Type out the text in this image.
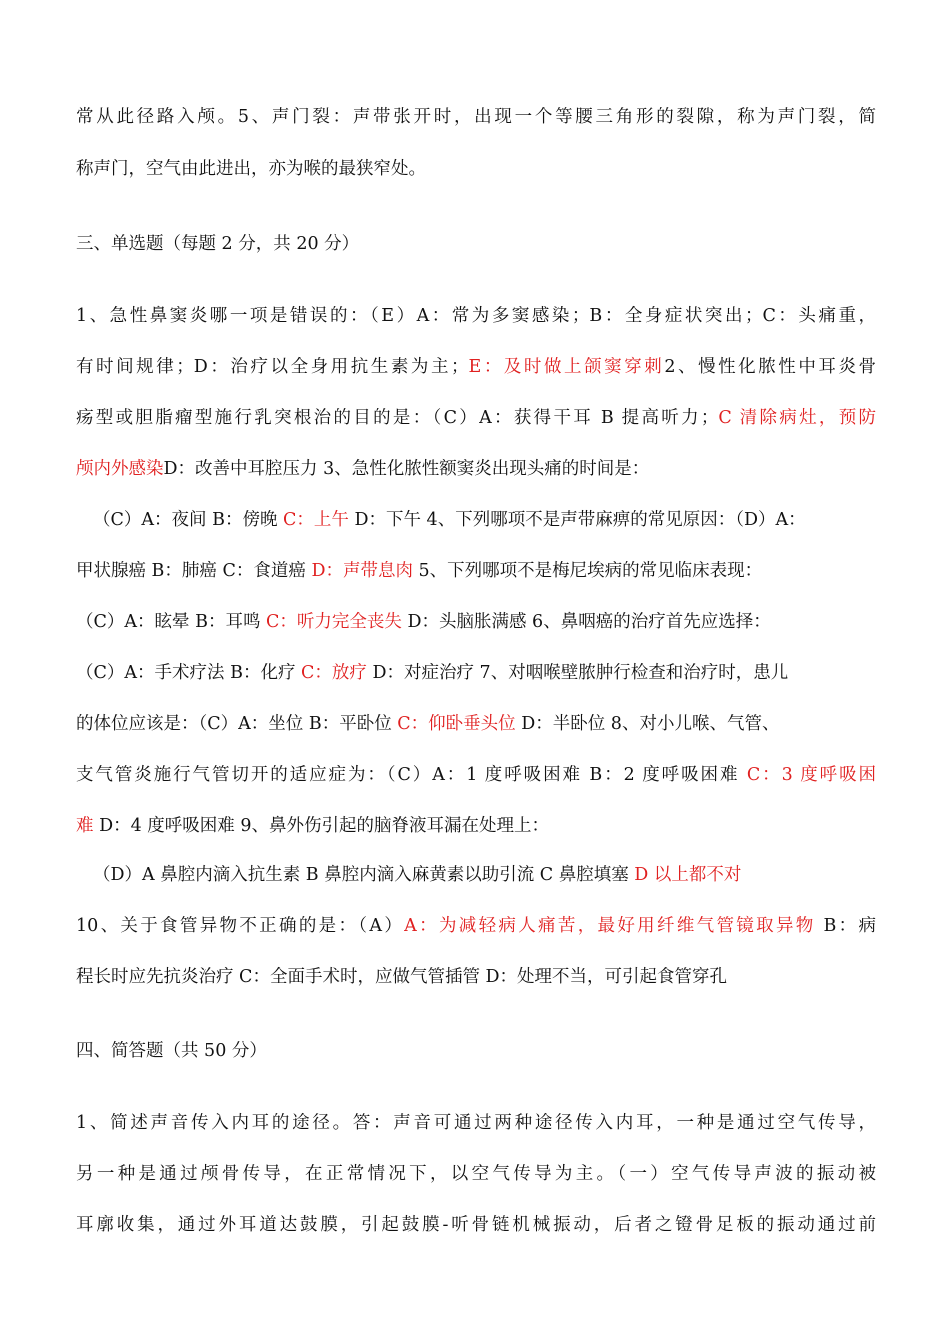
常从此径路入颅。5、声门裂：声带张开时，出现一个等腰三角形的裂隙，称为声门裂，简
称声门，空气由此进出，亦为喉的最狭窄处。
三、单选题（每题 2 分，共 20 分）
1、急性鼻窦炎哪一项是错误的：（E）A：常为多窦感染；B：全身症状突出；C：头痛重，
有时间规律；D：治疗以全身用抗生素为主；E：及时做上颌窦穿刺2、慢性化脓性中耳炎骨
疡型或胆脂瘤型施行乳突根治的目的是：（C）A：获得干耳 B 提高听力；C 清除病灶，预防
颅内外感染D：改善中耳腔压力 3、急性化脓性额窦炎出现头痛的时间是：
（C）A：夜间 B：傍晚 C：上午 D：下午 4、下列哪项不是声带麻痹的常见原因：（D）A：
甲状腺癌 B：肺癌 C：食道癌 D：声带息肉 5、下列哪项不是梅尼埃病的常见临床表现：
（C）A：眩晕 B：耳鸣 C：听力完全丧失 D：头脑胀满感 6、鼻咽癌的治疗首先应选择：
（C）A：手术疗法 B：化疗 C：放疗 D：对症治疗 7、对咽喉壁脓肿行检查和治疗时，患儿
的体位应该是：（C）A：坐位 B：平卧位 C：仰卧垂头位 D：半卧位 8、对小儿喉、气管、
支气管炎施行气管切开的适应症为：（C）A：1 度呼吸困难 B：2 度呼吸困难 C：3 度呼吸困
难 D：4 度呼吸困难 9、鼻外伤引起的脑脊液耳漏在处理上：
（D）A 鼻腔内滴入抗生素 B 鼻腔内滴入麻黄素以助引流 C 鼻腔填塞 D 以上都不对
10、关于食管异物不正确的是：（A）A：为减轻病人痛苦，最好用纤维气管镜取异物 B：病
程长时应先抗炎治疗 C：全面手术时，应做气管插管 D：处理不当，可引起食管穿孔
四、简答题（共 50 分）
1、简述声音传入内耳的途径。答：声音可通过两种途径传入内耳，一种是通过空气传导，
另一种是通过颅骨传导，在正常情况下，以空气传导为主。（一）空气传导声波的振动被
耳廓收集，通过外耳道达鼓膜，引起鼓膜-听骨链机械振动，后者之镫骨足板的振动通过前
